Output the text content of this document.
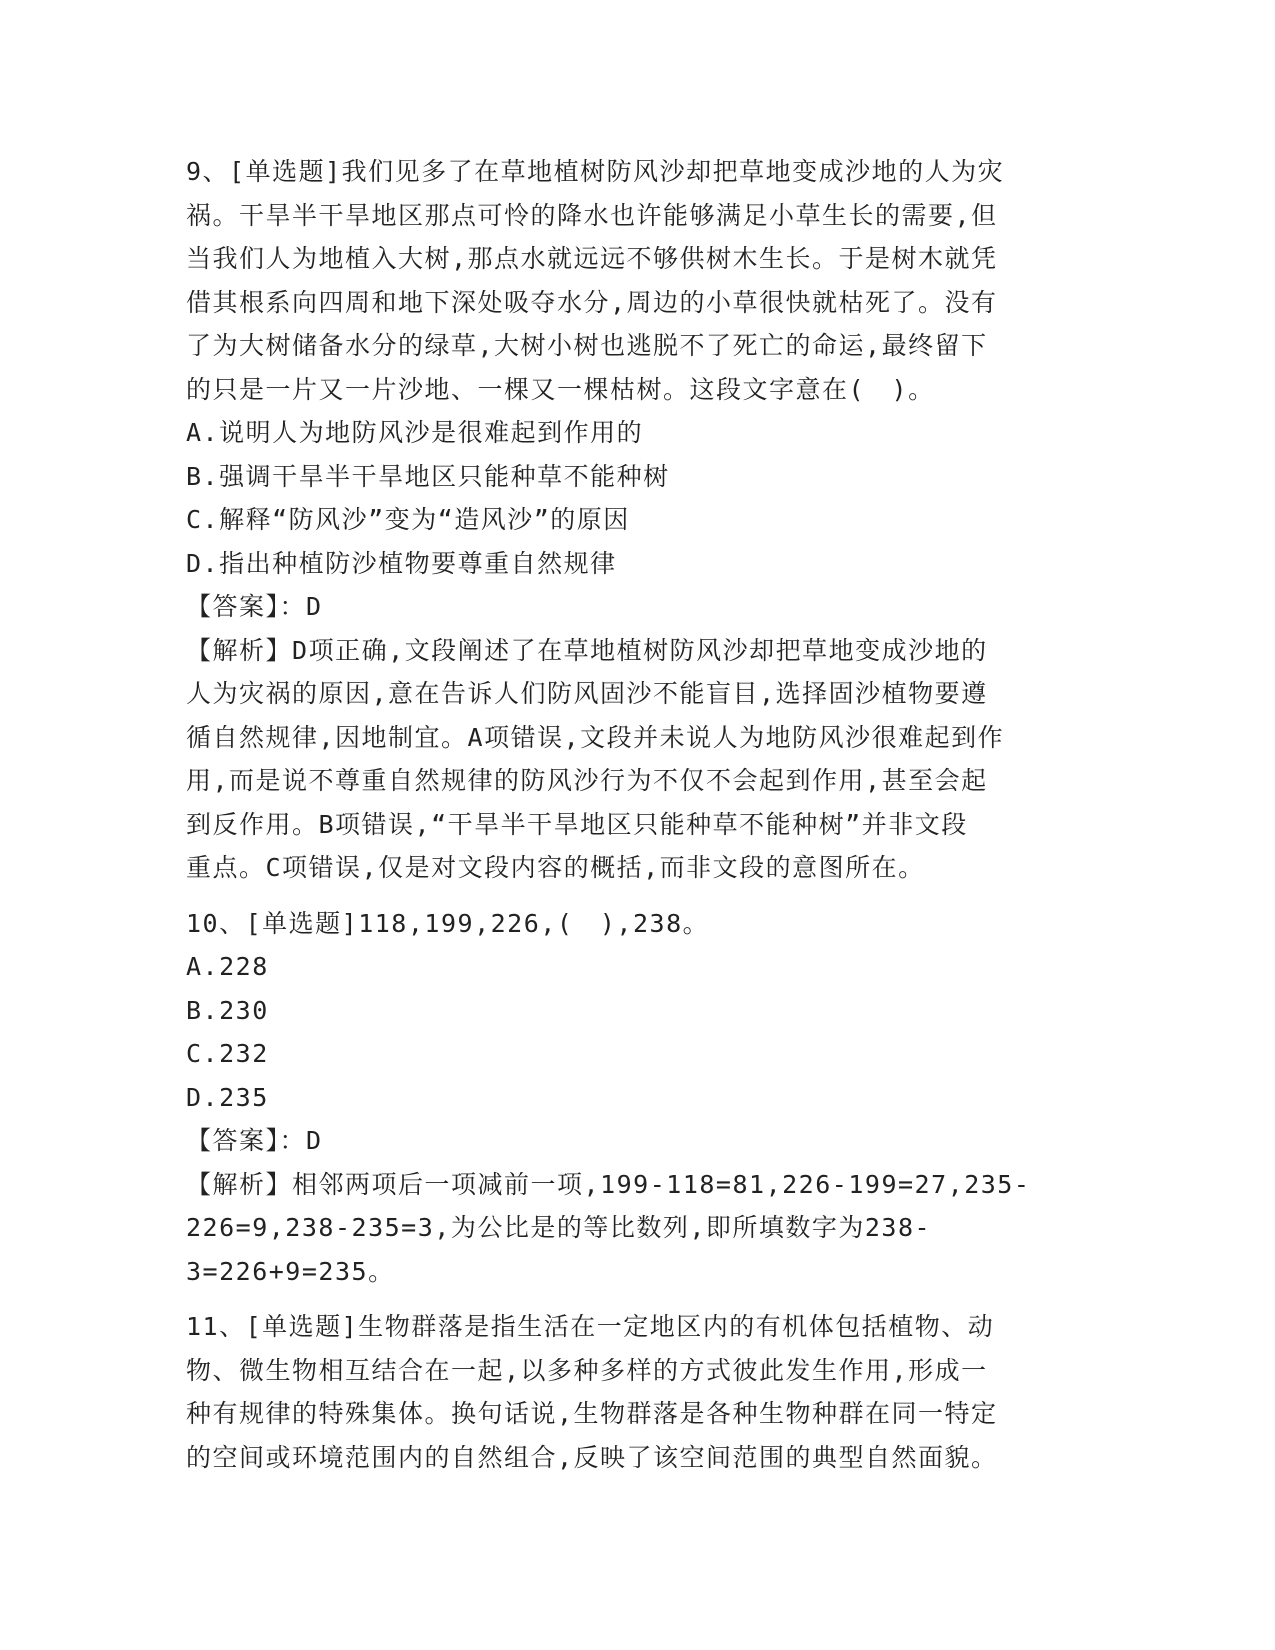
9、[单选题]我们见多了在草地植树防风沙却把草地变成沙地的人为灾
祸。干旱半干旱地区那点可怜的降水也许能够满足小草生长的需要,但
当我们人为地植入大树,那点水就远远不够供树木生长。于是树木就凭
借其根系向四周和地下深处吸夺水分,周边的小草很快就枯死了。没有
了为大树储备水分的绿草,大树小树也逃脱不了死亡的命运,最终留下
的只是一片又一片沙地、一棵又一棵枯树。这段文字意在(　)。
A.说明人为地防风沙是很难起到作用的
B.强调干旱半干旱地区只能种草不能种树
C.解释“防风沙”变为“造风沙”的原因
D.指出种植防沙植物要尊重自然规律
【答案】：D
【解析】D项正确,文段阐述了在草地植树防风沙却把草地变成沙地的
人为灾祸的原因,意在告诉人们防风固沙不能盲目,选择固沙植物要遵
循自然规律,因地制宜。A项错误,文段并未说人为地防风沙很难起到作
用,而是说不尊重自然规律的防风沙行为不仅不会起到作用,甚至会起
到反作用。B项错误,“干旱半干旱地区只能种草不能种树”并非文段
重点。C项错误,仅是对文段内容的概括,而非文段的意图所在。
10、[单选题]118,199,226,(　),238。
A.228
B.230
C.232
D.235
【答案】：D
【解析】相邻两项后一项减前一项,199-118=81,226-199=27,235-
226=9,238-235=3,为公比是的等比数列,即所填数字为238-
3=226+9=235。
11、[单选题]生物群落是指生活在一定地区内的有机体包括植物、动
物、微生物相互结合在一起,以多种多样的方式彼此发生作用,形成一
种有规律的特殊集体。换句话说,生物群落是各种生物种群在同一特定
的空间或环境范围内的自然组合,反映了该空间范围的典型自然面貌。
